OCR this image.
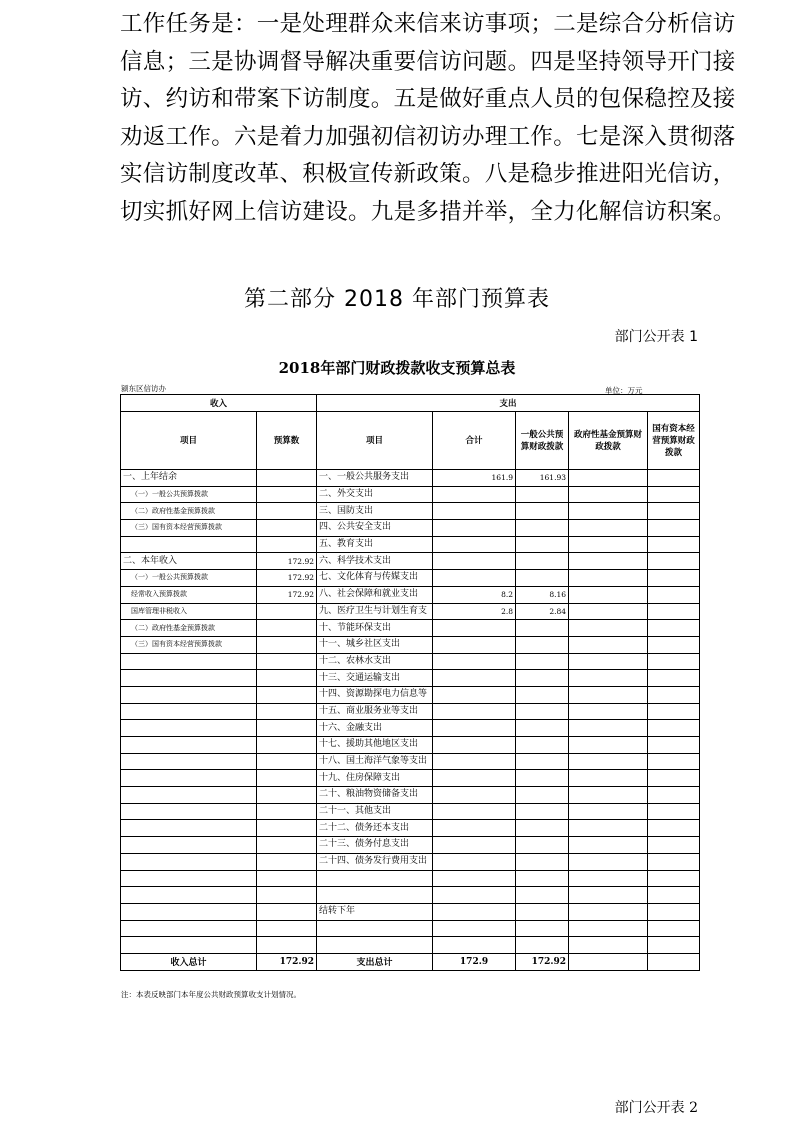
工作任务是：一是处理群众来信来访事项；二是综合分析信访

信息；三是协调督导解决重要信访问题。四是坚持领导开门接

访、约访和带案下访制度。五是做好重点人员的包保稳控及接

劝返工作。六是着力加强初信初访办理工作。七是深入贯彻落

实信访制度改革、积极宣传新政策。八是稳步推进阳光信访，

切实抓好网上信访建设。九是多措并举，全力化解信访积案。

第二部分 2018 年部门预算表
部门公开表 1
2018年部门财政拨款收支预算总表
颍东区信访办	单位：万元
收入		支出				
项目	预算数	项目	合计	一般公共预算财政拨款	政府性基金预算财政拨款	国有资本经营预算财政拨款
一、上年结余		一、一般公共服务支出	161.9	161.93		
（一）一般公共预算拨款		二、外交支出				
（二）政府性基金预算拨款		三、国防支出				
（三）国有资本经营预算拨款		四、公共安全支出				
		五、教育支出				
二、本年收入	172.92	六、科学技术支出				
（一）一般公共预算拨款	172.92	七、文化体育与传媒支出				
经常收入预算拨款	172.92	八、社会保障和就业支出	8.2	8.16		
国库管理非税收入		九、医疗卫生与计划生育支	2.8	2.84		
（二）政府性基金预算拨款		十、节能环保支出				
（三）国有资本经营预算拨款		十一、城乡社区支出				
		十二、农林水支出				
		十三、交通运输支出				
		十四、资源勘探电力信息等				
		十五、商业服务业等支出				
		十六、金融支出				
		十七、援助其他地区支出				
		十八、国土海洋气象等支出				
		十九、住房保障支出				
		二十、粮油物资储备支出				
		二十一、其他支出				
		二十二、债务还本支出				
		二十三、债务付息支出				
		二十四、债务发行费用支出				

		结转下年				

收入总计	172.92	支出总计	172.9	172.92		
注：本表反映部门本年度公共财政预算收支计划情况。
部门公开表 2
